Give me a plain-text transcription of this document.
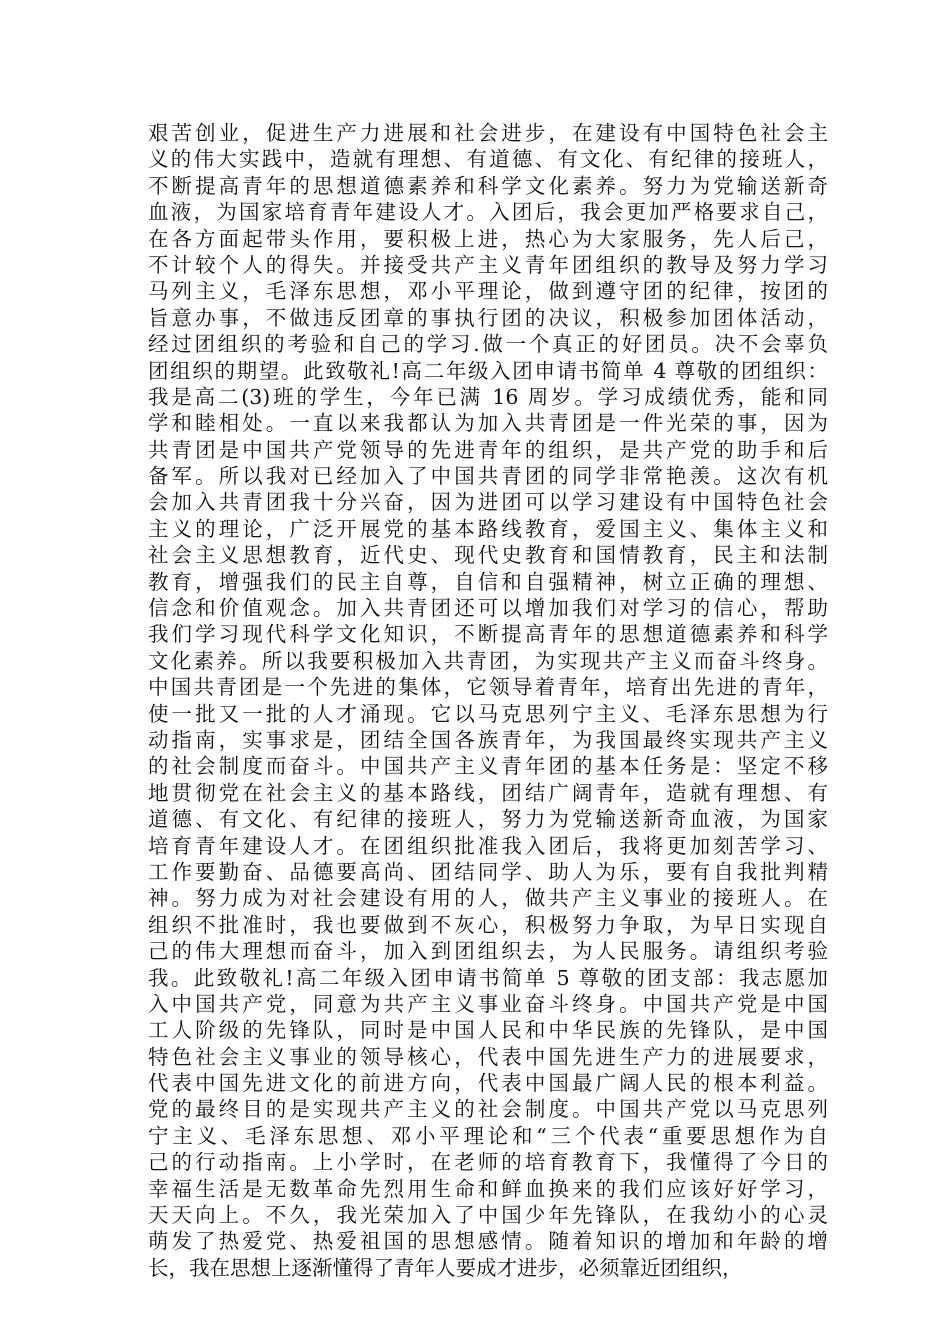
艰苦创业，促进生产力进展和社会进步，在建设有中国特色社会主
义的伟大实践中，造就有理想、有道德、有文化、有纪律的接班人，
不断提高青年的思想道德素养和科学文化素养。努力为党输送新奇
血液，为国家培育青年建设人才。入团后，我会更加严格要求自己，
在各方面起带头作用，要积极上进，热心为大家服务，先人后己，
不计较个人的得失。并接受共产主义青年团组织的教导及努力学习
马列主义，毛泽东思想，邓小平理论，做到遵守团的纪律，按团的
旨意办事，不做违反团章的事执行团的决议，积极参加团体活动，
经过团组织的考验和自己的学习.做一个真正的好团员。决不会辜负
团组织的期望。此致敬礼!高二年级入团申请书简单 4 尊敬的团组织：
我是高二(3)班的学生，今年已满 16 周岁。学习成绩优秀，能和同
学和睦相处。一直以来我都认为加入共青团是一件光荣的事，因为
共青团是中国共产党领导的先进青年的组织，是共产党的助手和后
备军。所以我对已经加入了中国共青团的同学非常艳羡。这次有机
会加入共青团我十分兴奋，因为进团可以学习建设有中国特色社会
主义的理论，广泛开展党的基本路线教育，爱国主义、集体主义和
社会主义思想教育，近代史、现代史教育和国情教育，民主和法制
教育，增强我们的民主自尊，自信和自强精神，树立正确的理想、
信念和价值观念。加入共青团还可以增加我们对学习的信心，帮助
我们学习现代科学文化知识，不断提高青年的思想道德素养和科学
文化素养。所以我要积极加入共青团，为实现共产主义而奋斗终身。
中国共青团是一个先进的集体，它领导着青年，培育出先进的青年，
使一批又一批的人才涌现。它以马克思列宁主义、毛泽东思想为行
动指南，实事求是，团结全国各族青年，为我国最终实现共产主义
的社会制度而奋斗。中国共产主义青年团的基本任务是：坚定不移
地贯彻党在社会主义的基本路线，团结广阔青年，造就有理想、有
道德、有文化、有纪律的接班人，努力为党输送新奇血液，为国家
培育青年建设人才。在团组织批准我入团后，我将更加刻苦学习、
工作要勤奋、品德要高尚、团结同学、助人为乐，要有自我批判精
神。努力成为对社会建设有用的人，做共产主义事业的接班人。在
组织不批准时，我也要做到不灰心，积极努力争取，为早日实现自
己的伟大理想而奋斗，加入到团组织去，为人民服务。请组织考验
我。此致敬礼!高二年级入团申请书简单 5 尊敬的团支部：我志愿加
入中国共产党，同意为共产主义事业奋斗终身。中国共产党是中国
工人阶级的先锋队，同时是中国人民和中华民族的先锋队，是中国
特色社会主义事业的领导核心，代表中国先进生产力的进展要求，
代表中国先进文化的前进方向，代表中国最广阔人民的根本利益。
党的最终目的是实现共产主义的社会制度。中国共产党以马克思列
宁主义、毛泽东思想、邓小平理论和“三个代表“重要思想作为自
己的行动指南。上小学时，在老师的培育教育下，我懂得了今日的
幸福生活是无数革命先烈用生命和鲜血换来的我们应该好好学习，
天天向上。不久，我光荣加入了中国少年先锋队，在我幼小的心灵
萌发了热爱党、热爱祖国的思想感情。随着知识的增加和年龄的增
长，我在思想上逐渐懂得了青年人要成才进步，必须靠近团组织，
